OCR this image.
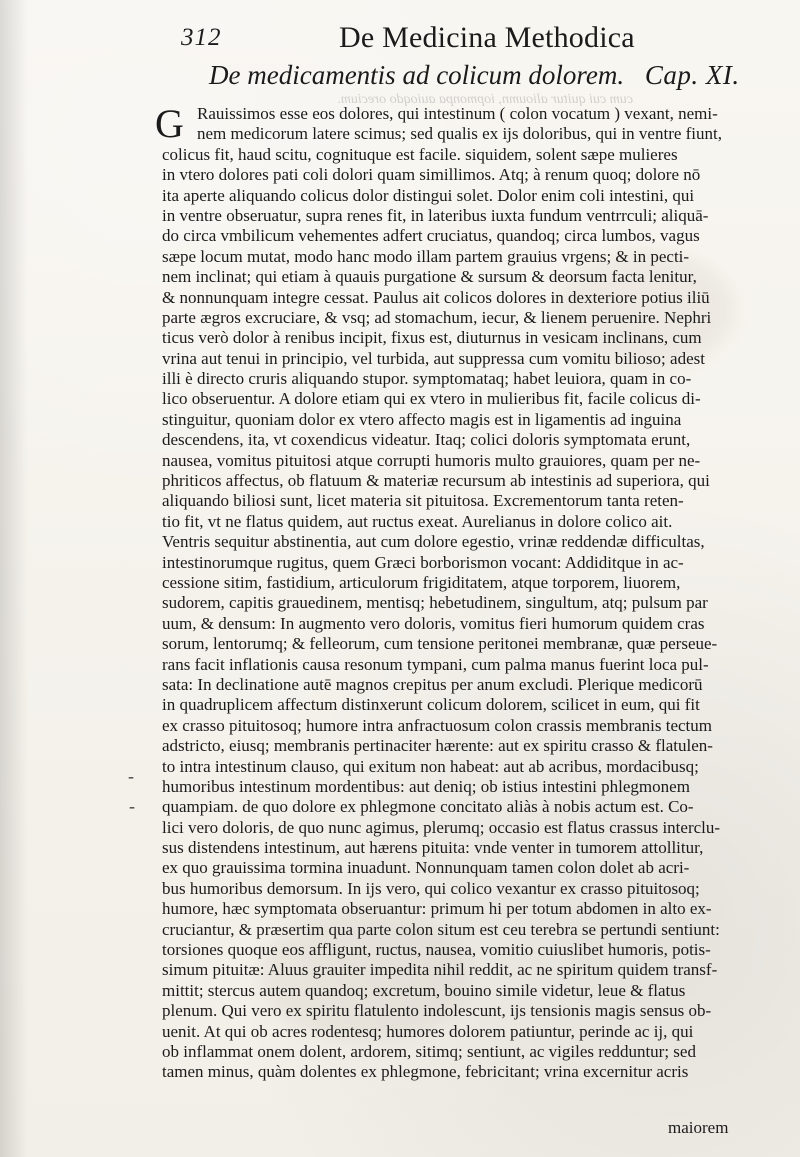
312	De Medicina Methodica
De medicamentis ad colicum dolorem. Cap. XI.
cum cui quitur alioumn, iopmonpa auioqdo orecium.
G Rauissimos esse eos dolores, qui intestinum ( colon vocatum ) vexant, nemi-
nem medicorum latere scimus; sed qualis ex ijs doloribus, qui in ventre fiunt,
colicus fit, haud scitu, cognituque est facile. siquidem, solent sæpe mulieres
in vtero dolores pati coli dolori quam simillimos. Atq; à renum quoq; dolore nō
ita aperte aliquando colicus dolor distingui solet. Dolor enim coli intestini, qui
in ventre obseruatur, supra renes fit, in lateribus iuxta fundum ventrrculi; aliquā-
do circa vmbilicum vehementes adfert cruciatus, quandoq; circa lumbos, vagus
sæpe locum mutat, modo hanc modo illam partem grauius vrgens; & in pecti-
nem inclinat; qui etiam à quauis purgatione & sursum & deorsum facta lenitur,
& nonnunquam integre cessat. Paulus ait colicos dolores in dexteriore potius iliū
parte ægros excruciare, & vsq; ad stomachum, iecur, & lienem peruenire. Nephri
ticus verò dolor à renibus incipit, fixus est, diuturnus in vesicam inclinans, cum
vrina aut tenui in principio, vel turbida, aut suppressa cum vomitu bilioso; adest
illi è directo cruris aliquando stupor. symptomataq; habet leuiora, quam in co-
lico obseruentur. A dolore etiam qui ex vtero in mulieribus fit, facile colicus di-
stinguitur, quoniam dolor ex vtero affecto magis est in ligamentis ad inguina
descendens, ita, vt coxendicus videatur. Itaq; colici doloris symptomata erunt,
nausea, vomitus pituitosi atque corrupti humoris multo grauiores, quam per ne-
phriticos affectus, ob flatuum & materiæ recursum ab intestinis ad superiora, qui
aliquando biliosi sunt, licet materia sit pituitosa. Excrementorum tanta reten-
tio fit, vt ne flatus quidem, aut ructus exeat. Aurelianus in dolore colico ait.
Ventris sequitur abstinentia, aut cum dolore egestio, vrinæ reddendæ difficultas,
intestinorumque rugitus, quem Græci borborismon vocant: Addiditque in ac-
cessione sitim, fastidium, articulorum frigiditatem, atque torporem, liuorem,
sudorem, capitis grauedinem, mentisq; hebetudinem, singultum, atq; pulsum par
uum, & densum: In augmento vero doloris, vomitus fieri humorum quidem cras
sorum, lentorumq; & felleorum, cum tensione peritonei membranæ, quæ perseue-
rans facit inflationis causa resonum tympani, cum palma manus fuerint loca pul-
sata: In declinatione autē magnos crepitus per anum excludi. Plerique medicorū
in quadruplicem affectum distinxerunt colicum dolorem, scilicet in eum, qui fit
ex crasso pituitosoq; humore intra anfractuosum colon crassis membranis tectum
adstricto, eiusq; membranis pertinaciter hærente: aut ex spiritu crasso & flatulen-
to intra intestinum clauso, qui exitum non habeat: aut ab acribus, mordacibusq;
humoribus intestinum mordentibus: aut deniq; ob istius intestini phlegmonem
quampiam. de quo dolore ex phlegmone concitato aliàs à nobis actum est. Co-
lici vero doloris, de quo nunc agimus, plerumq; occasio est flatus crassus interclu-
sus distendens intestinum, aut hærens pituita: vnde venter in tumorem attollitur,
ex quo grauissima tormina inuadunt. Nonnunquam tamen colon dolet ab acri-
bus humoribus demorsum. In ijs vero, qui colico vexantur ex crasso pituitosoq;
humore, hæc symptomata obseruantur: primum hi per totum abdomen in alto ex-
cruciantur, & præsertim qua parte colon situm est ceu terebra se pertundi sentiunt:
torsiones quoque eos affligunt, ructus, nausea, vomitio cuiuslibet humoris, potis-
simum pituitæ: Aluus grauiter impedita nihil reddit, ac ne spiritum quidem transf-
mittit; stercus autem quandoq; excretum, bouino simile videtur, leue & flatus
plenum. Qui vero ex spiritu flatulento indolescunt, ijs tensionis magis sensus ob-
uenit. At qui ob acres rodentesq; humores dolorem patiuntur, perinde ac ij, qui
ob inflammat onem dolent, ardorem, sitimq; sentiunt, ac vigiles redduntur; sed
tamen minus, quàm dolentes ex phlegmone, febricitant; vrina excernitur acris
-
-
maiorem
